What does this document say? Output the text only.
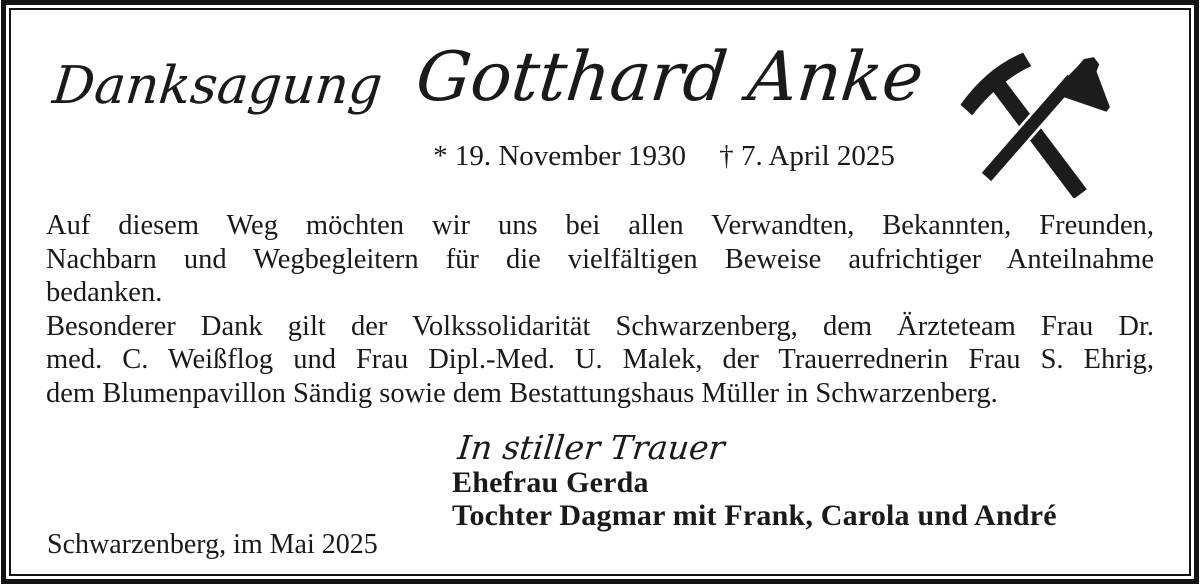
Danksagung Gotthard Anke
* 19. November 1930 † 7. April 2025
Auf diesem Weg möchten wir uns bei allen Verwandten, Bekannten, Freunden,
Nachbarn und Wegbegleitern für die vielfältigen Beweise aufrichtiger Anteilnahme
bedanken.
Besonderer Dank gilt der Volkssolidarität Schwarzenberg, dem Ärzteteam Frau Dr.
med. C. Weißflog und Frau Dipl.-Med. U. Malek, der Trauerrednerin Frau S. Ehrig,
dem Blumenpavillon Sändig sowie dem Bestattungshaus Müller in Schwarzenberg.
In stiller Trauer
Ehefrau Gerda
Tochter Dagmar mit Frank, Carola und André
Schwarzenberg, im Mai 2025
